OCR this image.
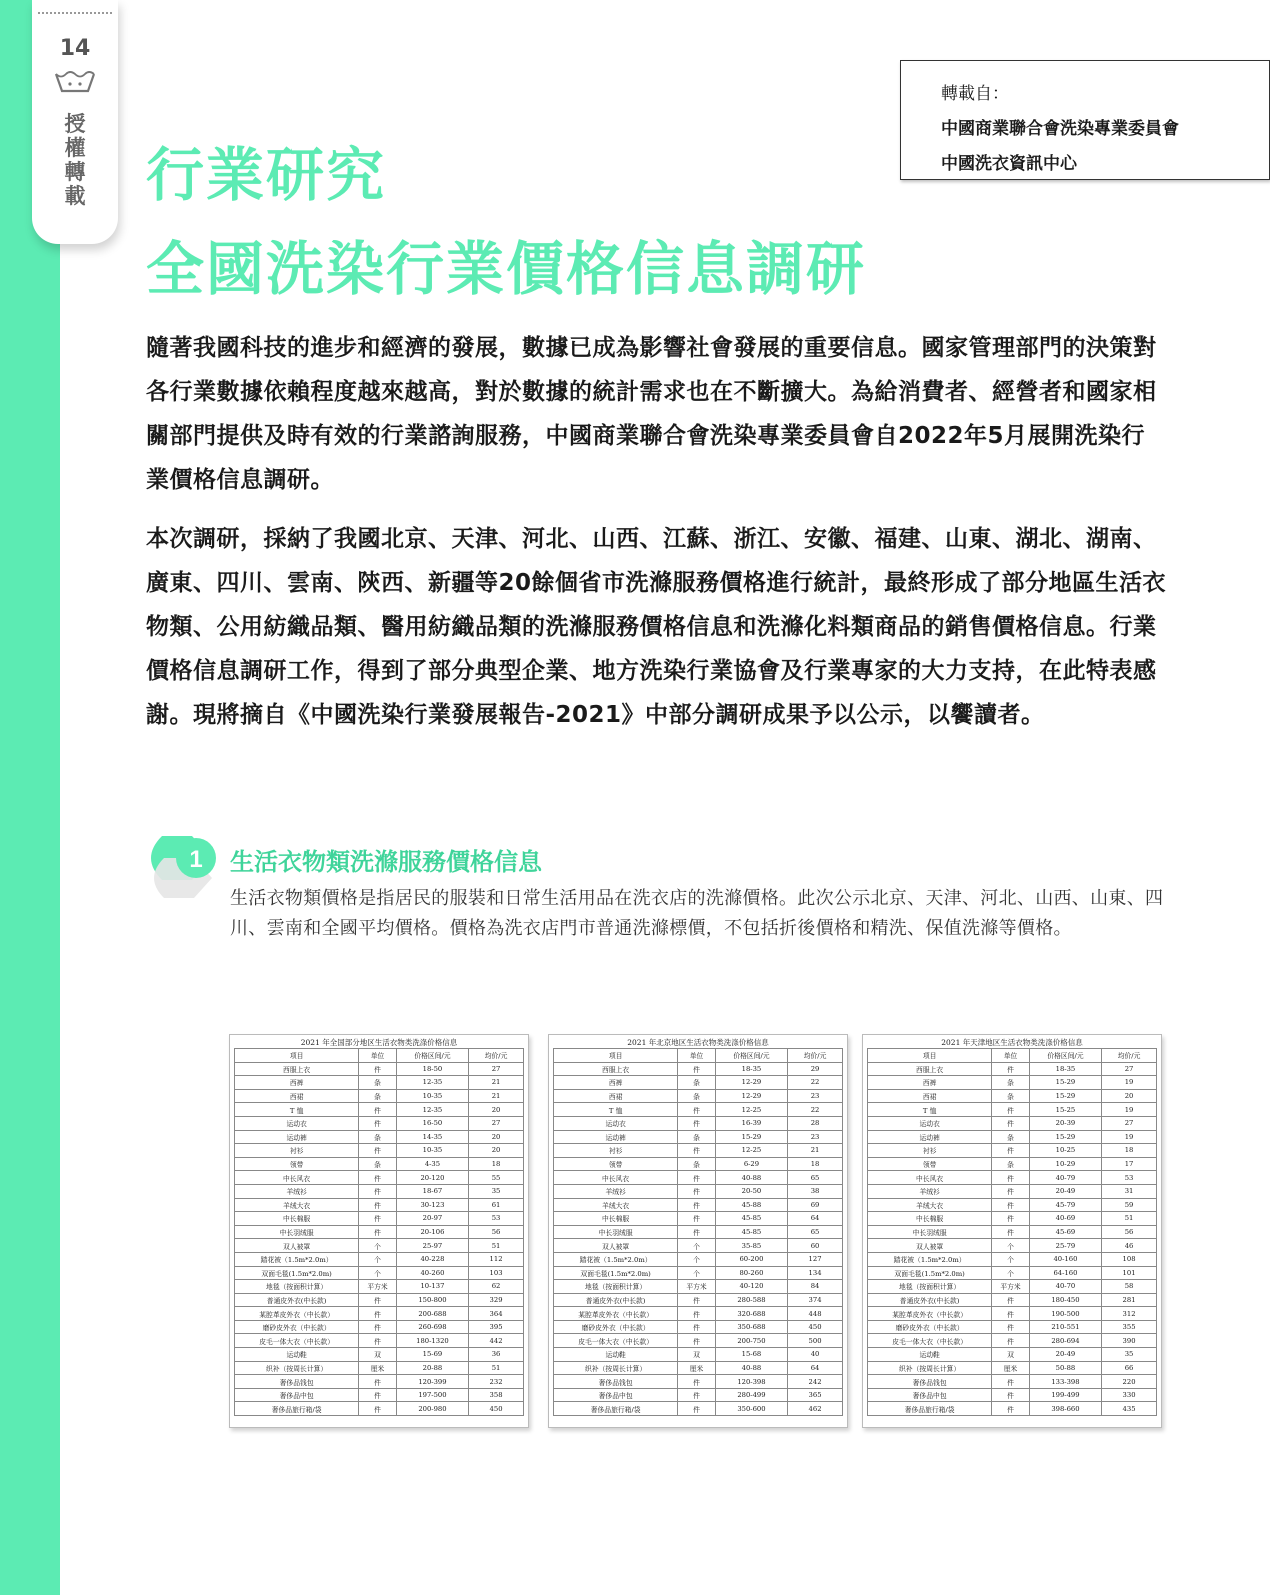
14
授
權
轉
載
轉載自：
中國商業聯合會洗染專業委員會
中國洗衣資訊中心
行業研究
全國洗染行業價格信息調研
隨著我國科技的進步和經濟的發展，數據已成為影響社會發展的重要信息。國家管理部門的決策對各行業數據依賴程度越來越高，對於數據的統計需求也在不斷擴大。為給消費者、經營者和國家相關部門提供及時有效的行業諮詢服務，中國商業聯合會洗染專業委員會自2022年5月展開洗染行業價格信息調研。
本次調研，採納了我國北京、天津、河北、山西、江蘇、浙江、安徽、福建、山東、湖北、湖南、廣東、四川、雲南、陝西、新疆等20餘個省市洗滌服務價格進行統計，最終形成了部分地區生活衣物類、公用紡織品類、醫用紡織品類的洗滌服務價格信息和洗滌化料類商品的銷售價格信息。行業價格信息調研工作，得到了部分典型企業、地方洗染行業協會及行業專家的大力支持，在此特表感謝。現將摘自《中國洗染行業發展報告-2021》中部分調研成果予以公示，以饗讀者。
1 生活衣物類洗滌服務價格信息
生活衣物類價格是指居民的服裝和日常生活用品在洗衣店的洗滌價格。此次公示北京、天津、河北、山西、山東、四川、雲南和全國平均價格。價格為洗衣店門市普通洗滌標價，不包括折後價格和精洗、保值洗滌等價格。
2021 年全国部分地区生活衣物类洗涤价格信息
项目	单位	价格区间/元	均价/元
西服上衣	件	18-50	27
西裤	条	12-35	21
西裙	条	10-35	21
T 恤	件	12-35	20
运动衣	件	16-50	27
运动裤	条	14-35	20
衬衫	件	10-35	20
领带	条	4-35	18
中长风衣	件	20-120	55
羊绒衫	件	18-67	35
羊绒大衣	件	30-123	61
中长棉服	件	20-97	53
中长羽绒服	件	20-106	56
双人被罩	个	25-97	51
踏花被（1.5m*2.0m）	个	40-228	112
双面毛毯(1.5m*2.0m)	个	40-260	103
地毯（按面积计算）	平方米	10-137	62
普通皮外衣(中长款)	件	150-800	329
某腔革皮外衣（中长款）	件	200-688	364
磨砂皮外衣（中长款）	件	260-698	395
皮毛一体大衣（中长款）	件	180-1320	442
运动鞋	双	15-69	36
织补（按周长计算）	厘米	20-88	51
奢侈品钱包	件	120-399	232
奢侈品中包	件	197-500	358
奢侈品旅行箱/袋	件	200-980	450
2021 年北京地区生活衣物类洗涤价格信息
项目	单位	价格区间/元	均价/元
西服上衣	件	18-35	29
西裤	条	12-29	22
西裙	条	12-29	23
T 恤	件	12-25	22
运动衣	件	16-39	28
运动裤	条	15-29	23
衬衫	件	12-25	21
领带	条	6-29	18
中长风衣	件	40-88	65
羊绒衫	件	20-50	38
羊绒大衣	件	45-88	69
中长棉服	件	45-85	64
中长羽绒服	件	45-85	65
双人被罩	个	35-85	60
踏花被（1.5m*2.0m）	个	60-200	127
双面毛毯(1.5m*2.0m)	个	80-260	134
地毯（按面积计算）	平方米	40-120	84
普通皮外衣(中长款)	件	280-588	374
某腔革皮外衣（中长款）	件	320-688	448
磨砂皮外衣（中长款）	件	350-688	450
皮毛一体大衣（中长款）	件	200-750	500
运动鞋	双	15-68	40
织补（按周长计算）	厘米	40-88	64
奢侈品钱包	件	120-398	242
奢侈品中包	件	280-499	365
奢侈品旅行箱/袋	件	350-600	462
2021 年天津地区生活衣物类洗涤价格信息
项目	单位	价格区间/元	均价/元
西服上衣	件	18-35	27
西裤	条	15-29	19
西裙	条	15-29	20
T 恤	件	15-25	19
运动衣	件	20-39	27
运动裤	条	15-29	19
衬衫	件	10-25	18
领带	条	10-29	17
中长风衣	件	40-79	53
羊绒衫	件	20-49	31
羊绒大衣	件	45-79	59
中长棉服	件	40-69	51
中长羽绒服	件	45-69	56
双人被罩	个	25-79	46
踏花被（1.5m*2.0m）	个	40-160	108
双面毛毯(1.5m*2.0m)	个	64-160	101
地毯（按面积计算）	平方米	40-70	58
普通皮外衣(中长款)	件	180-450	281
某腔革皮外衣（中长款）	件	190-500	312
磨砂皮外衣（中长款）	件	210-551	355
皮毛一体大衣（中长款）	件	280-694	390
运动鞋	双	20-49	35
织补（按周长计算）	厘米	50-88	66
奢侈品钱包	件	133-398	220
奢侈品中包	件	199-499	330
奢侈品旅行箱/袋	件	398-660	435
